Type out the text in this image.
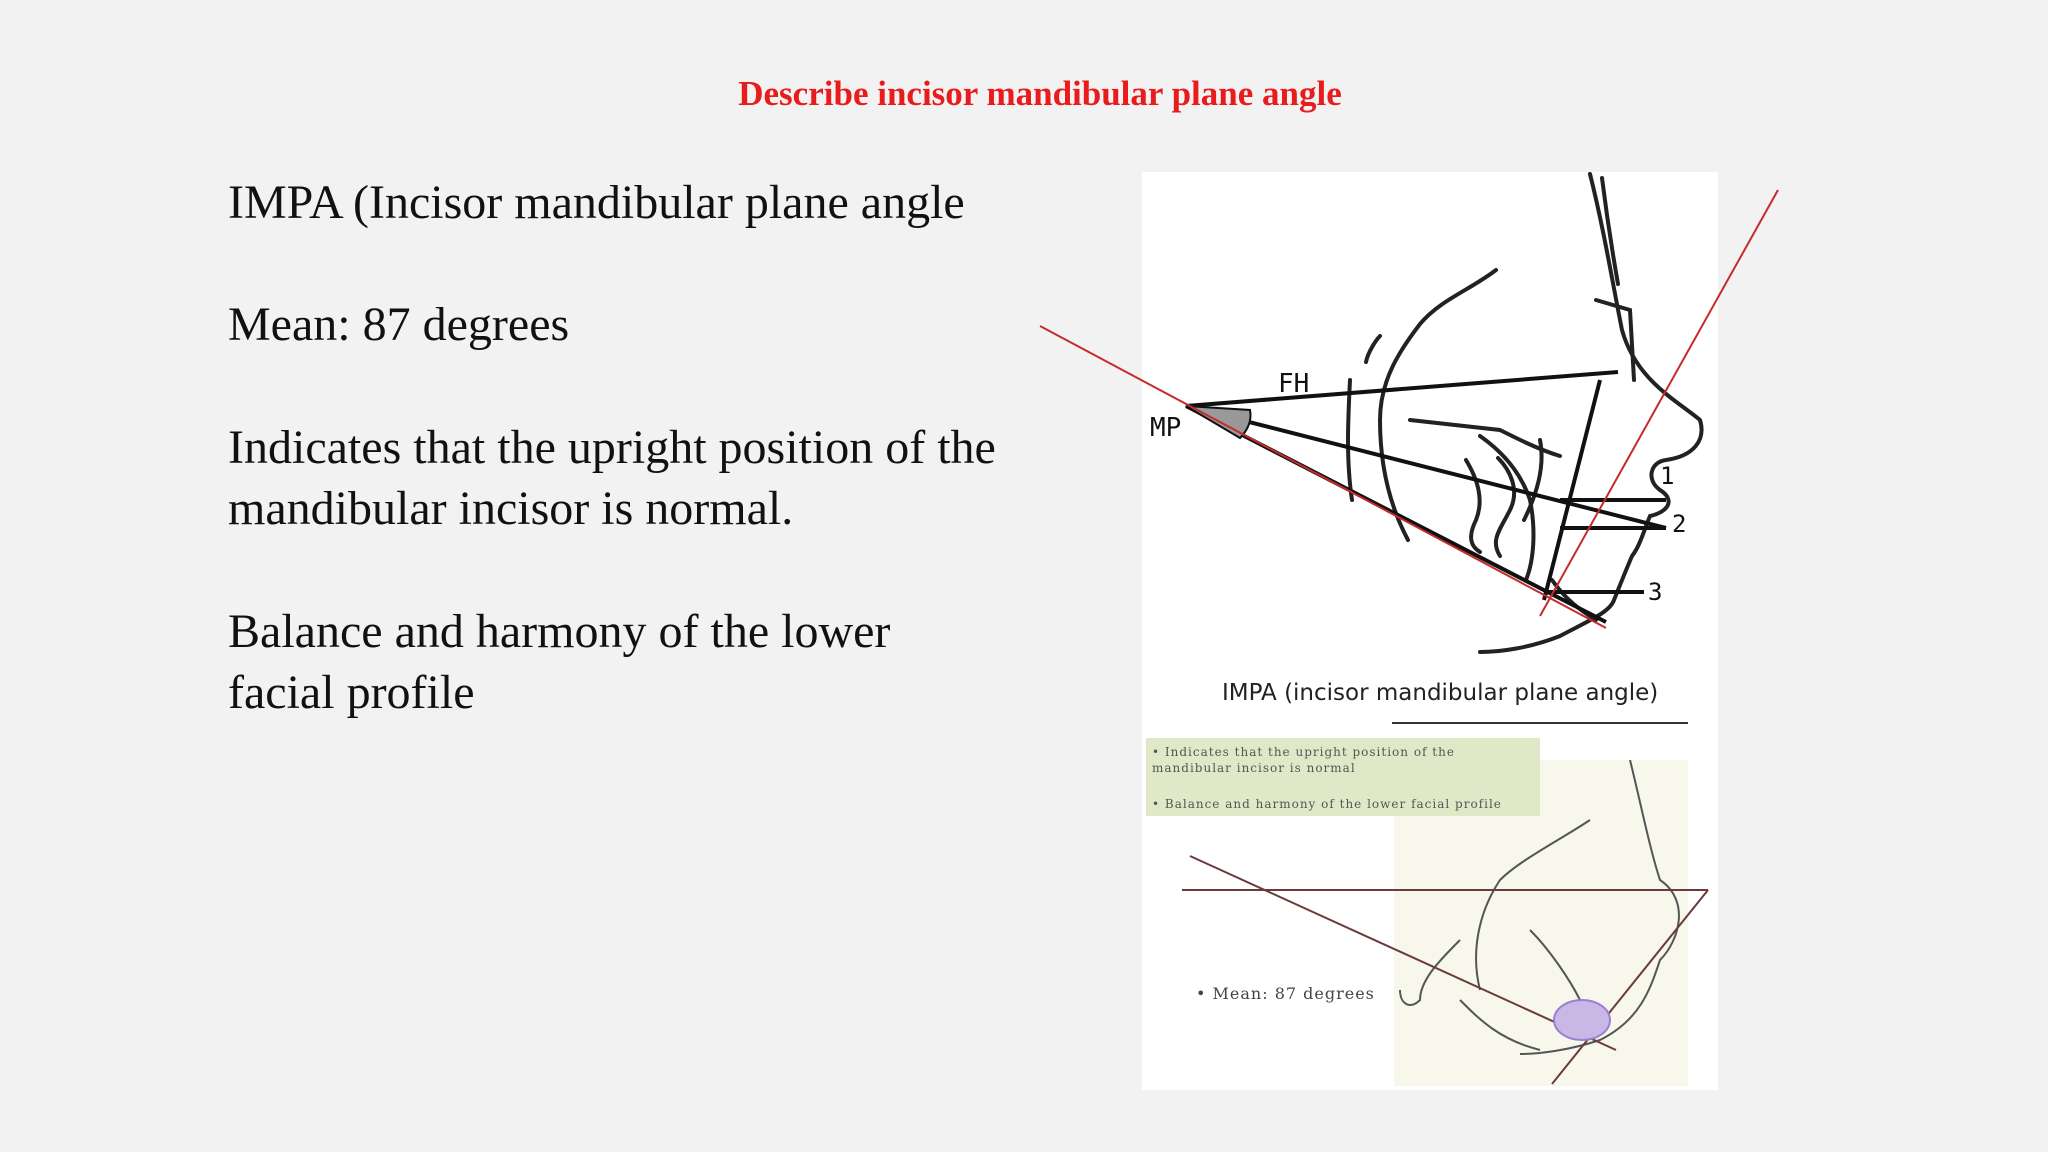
Describe incisor mandibular plane angle
IMPA (Incisor mandibular plane angle
Mean: 87 degrees
Indicates that the upright position of the mandibular incisor is normal.
Balance and harmony of the lower facial profile
FH
MP
1
2
3
IMPA (incisor mandibular plane angle)
• Indicates that the upright position of the mandibular incisor is normal
• Balance and harmony of the lower facial profile
• Mean: 87 degrees
